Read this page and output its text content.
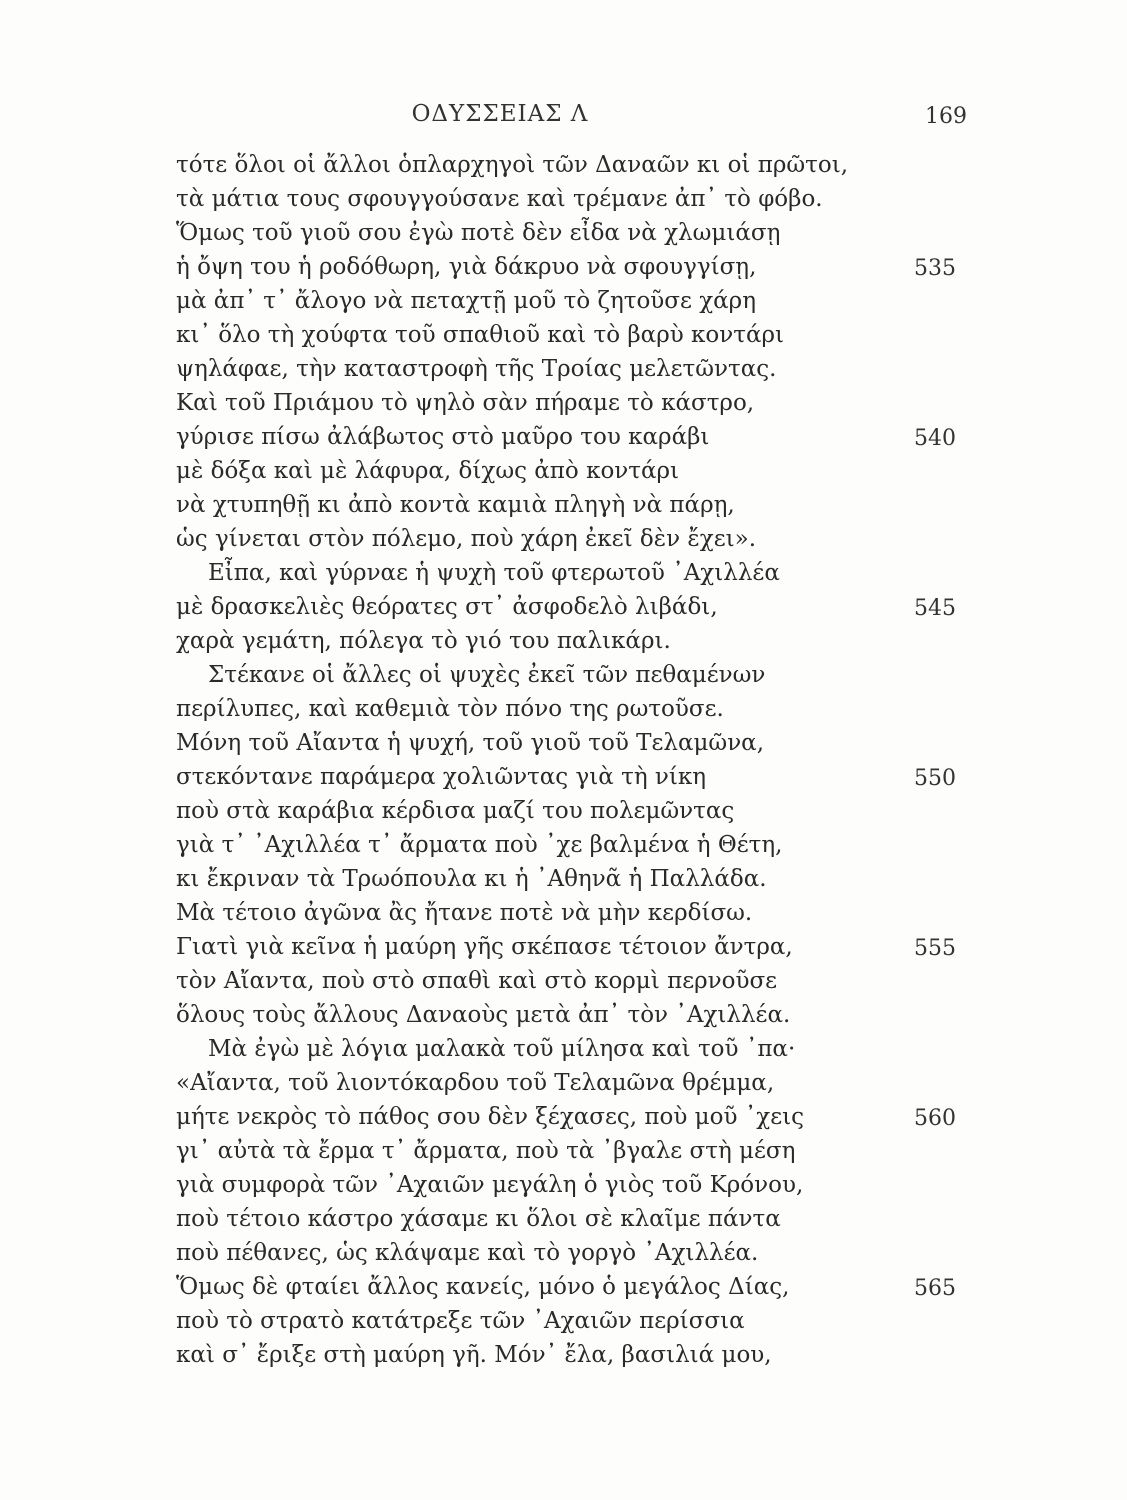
ΟΔΥΣΣΕΙΑΣ Λ	169
τότε ὅλοι οἱ ἄλλοι ὁπλαρχηγοὶ τῶν Δαναῶν κι οἱ πρῶτοι,
τὰ μάτια τους σφουγγούσανε καὶ τρέμανε ἀπ᾽ τὸ φόβο.
Ὅμως τοῦ γιοῦ σου ἐγὼ ποτὲ δὲν εἶδα νὰ χλωμιάσῃ
ἡ ὄψη του ἡ ροδόθωρη, γιὰ δάκρυο νὰ σφουγγίσῃ,	535
μὰ ἀπ᾽ τ᾽ ἄλογο νὰ πεταχτῇ μοῦ τὸ ζητοῦσε χάρη
κι᾽ ὅλο τὴ χούφτα τοῦ σπαθιοῦ καὶ τὸ βαρὺ κοντάρι
ψηλάφαε, τὴν καταστροφὴ τῆς Τροίας μελετῶντας.
Καὶ τοῦ Πριάμου τὸ ψηλὸ σὰν πήραμε τὸ κάστρο,
γύρισε πίσω ἀλάβωτος στὸ μαῦρο του καράβι	540
μὲ δόξα καὶ μὲ λάφυρα, δίχως ἀπὸ κοντάρι
νὰ χτυπηθῇ κι ἀπὸ κοντὰ καμιὰ πληγὴ νὰ πάρῃ,
ὡς γίνεται στὸν πόλεμο, ποὺ χάρη ἐκεῖ δὲν ἔχει».
Εἶπα, καὶ γύρναε ἡ ψυχὴ τοῦ φτερωτοῦ ᾽Αχιλλέα
μὲ δρασκελιὲς θεόρατες στ᾽ ἀσφοδελὸ λιβάδι,	545
χαρὰ γεμάτη, πόλεγα τὸ γιό του παλικάρι.
Στέκανε οἱ ἄλλες οἱ ψυχὲς ἐκεῖ τῶν πεθαμένων
περίλυπες, καὶ καθεμιὰ τὸν πόνο της ρωτοῦσε.
Μόνη τοῦ Αἴαντα ἡ ψυχή, τοῦ γιοῦ τοῦ Τελαμῶνα,
στεκόντανε παράμερα χολιῶντας γιὰ τὴ νίκη	550
ποὺ στὰ καράβια κέρδισα μαζί του πολεμῶντας
γιὰ τ᾽ ᾽Αχιλλέα τ᾽ ἄρματα ποὺ ᾽χε βαλμένα ἡ Θέτη,
κι ἔκριναν τὰ Τρωόπουλα κι ἡ ᾽Αθηνᾶ ἡ Παλλάδα.
Μὰ τέτοιο ἀγῶνα ἂς ἤτανε ποτὲ νὰ μὴν κερδίσω.
Γιατὶ γιὰ κεῖνα ἡ μαύρη γῆς σκέπασε τέτοιον ἄντρα,	555
τὸν Αἴαντα, ποὺ στὸ σπαθὶ καὶ στὸ κορμὶ περνοῦσε
ὅλους τοὺς ἄλλους Δαναοὺς μετὰ ἀπ᾽ τὸν ᾽Αχιλλέα.
Μὰ ἐγὼ μὲ λόγια μαλακὰ τοῦ μίλησα καὶ τοῦ ᾽πα·
«Αἴαντα, τοῦ λιοντόκαρδου τοῦ Τελαμῶνα θρέμμα,
μήτε νεκρὸς τὸ πάθος σου δὲν ξέχασες, ποὺ μοῦ ᾽χεις	560
γι᾽ αὐτὰ τὰ ἔρμα τ᾽ ἄρματα, ποὺ τὰ ᾽βγαλε στὴ μέση
γιὰ συμφορὰ τῶν ᾽Αχαιῶν μεγάλη ὁ γιὸς τοῦ Κρόνου,
ποὺ τέτοιο κάστρο χάσαμε κι ὅλοι σὲ κλαῖμε πάντα
ποὺ πέθανες, ὡς κλάψαμε καὶ τὸ γοργὸ ᾽Αχιλλέα.
Ὅμως δὲ φταίει ἄλλος κανείς, μόνο ὁ μεγάλος Δίας,	565
ποὺ τὸ στρατὸ κατάτρεξε τῶν ᾽Αχαιῶν περίσσια
καὶ σ᾽ ἔριξε στὴ μαύρη γῆ. Μόν᾽ ἔλα, βασιλιά μου,
